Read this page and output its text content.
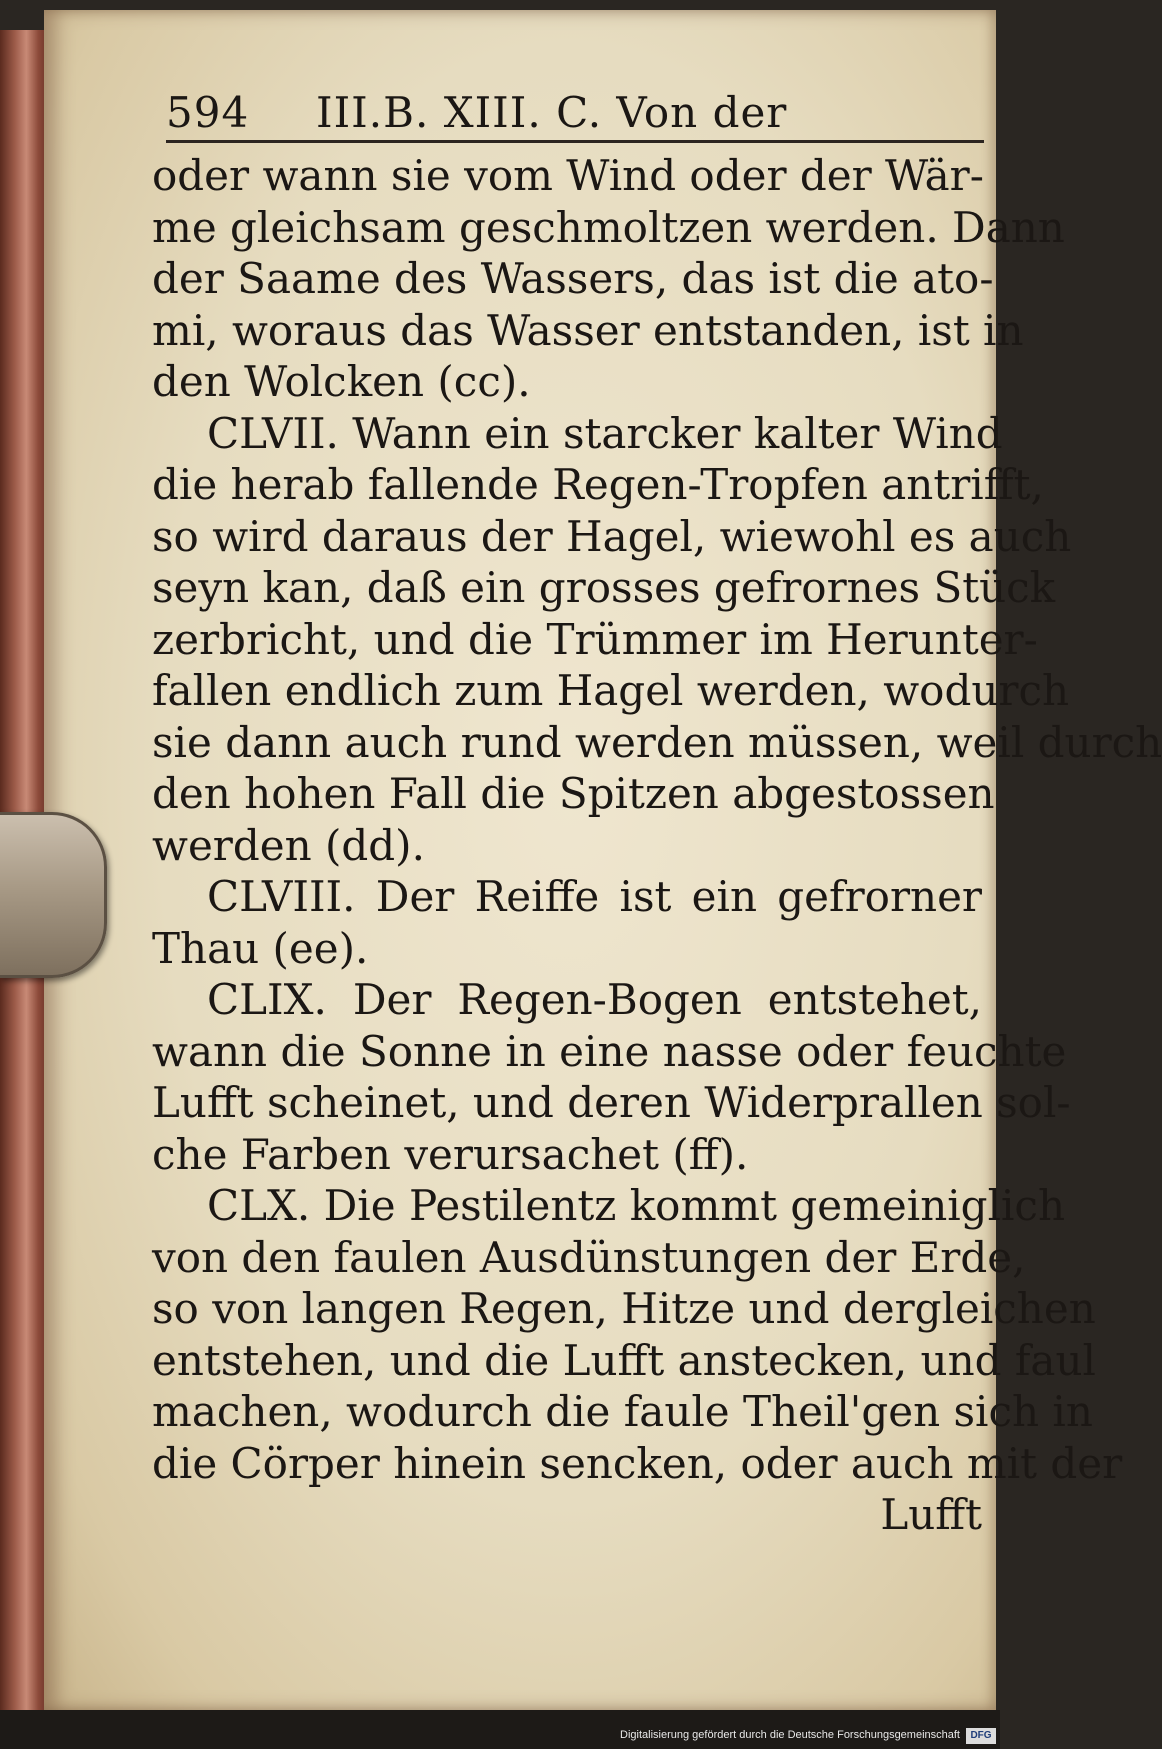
594 III.B. XIII. C. Von der
oder wann sie vom Wind oder der Wär-
me gleichsam geschmoltzen werden. Dann
der Saame des Wassers, das ist die ato-
mi, woraus das Wasser entstanden, ist in
den Wolcken (cc).
CLVII. Wann ein starcker kalter Wind
die herab fallende Regen-Tropfen antrifft,
so wird daraus der Hagel, wiewohl es auch
seyn kan, daß ein grosses gefrornes Stück
zerbricht, und die Trümmer im Herunter-
fallen endlich zum Hagel werden, wodurch
sie dann auch rund werden müssen, weil durch
den hohen Fall die Spitzen abgestossen
werden (dd).
CLVIII. Der Reiffe ist ein gefrorner
Thau (ee).
CLIX. Der Regen-Bogen entstehet,
wann die Sonne in eine nasse oder feuchte
Lufft scheinet, und deren Widerprallen sol-
che Farben verursachet (ff).
CLX. Die Pestilentz kommt gemeiniglich
von den faulen Ausdünstungen der Erde,
so von langen Regen, Hitze und dergleichen
entstehen, und die Lufft anstecken, und faul
machen, wodurch die faule Theil'gen sich in
die Cörper hinein sencken, oder auch mit der
Lufft
Digitalisierung gefördert durch die Deutsche Forschungsgemeinschaft	DFG
